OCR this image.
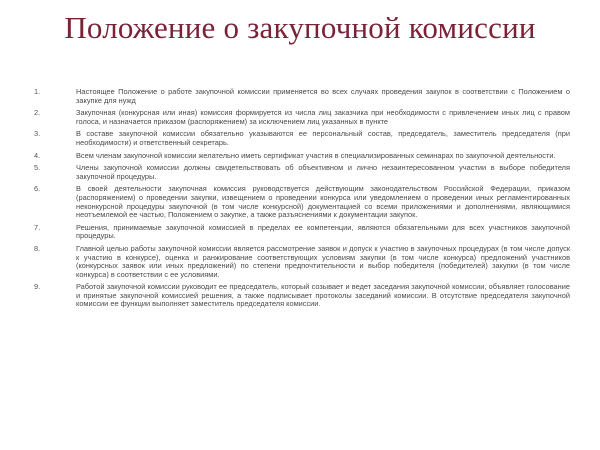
Положение о закупочной комиссии
1.	Настоящее Положение о работе закупочной комиссии применяется во всех случаях проведения закупок в соответствии с Положением о закупке для нужд
2.	Закупочная (конкурсная или иная) комиссия формируется из числа лиц заказчика при необходимости с привлечением иных лиц с правом голоса, и назначается приказом (распоряжением) за исключением лиц указанных в пункте
3.	В составе закупочной комиссии обязательно указываются ее персональный состав, председатель, заместитель председателя (при необходимости) и ответственный секретарь.
4.	Всем членам закупочной комиссии желательно иметь сертификат участия в специализированных семинарах по закупочной деятельности.
5.	Члены закупочной комиссии должны свидетельствовать об объективном и лично незаинтересованном участии в выборе победителя закупочной процедуры.
6.	В своей деятельности закупочная комиссия руководствуется действующим законодательством Российской Федерации, приказом (распоряжением) о проведении закупки, извещением о проведении конкурса или уведомлением о проведении иных регламентированных неконкурсной процедуры закупочной (в том числе конкурсной) документацией со всеми приложениями и дополнениями, являющимися неотъемлемой ее частью, Положением о закупке, а также разъяснениями к документации закупок.
7.	Решения, принимаемые закупочной комиссией в пределах ее компетенции, являются обязательными для всех участников закупочной процедуры.
8.	Главной целью работы закупочной комиссии является рассмотрение заявок и допуск к участию в закупочных процедурах (в том числе допуск к участию в конкурсе), оценка и ранжирование соответствующих условиям закупки (в том числе конкурса) предложений участников (конкурсных заявок или иных предложений) по степени предпочтительности и выбор победителя (победителей) закупки (в том числе конкурса) в соответствии с ее условиями.
9.	Работой закупочной комиссии руководит ее председатель, который созывает и ведет заседания закупочной комиссии, объявляет голосование и принятые закупочной комиссией решения, а также подписывает протоколы заседаний комиссии. В отсутствие председателя закупочной комиссии ее функции выполняет заместитель председателя комиссии.
